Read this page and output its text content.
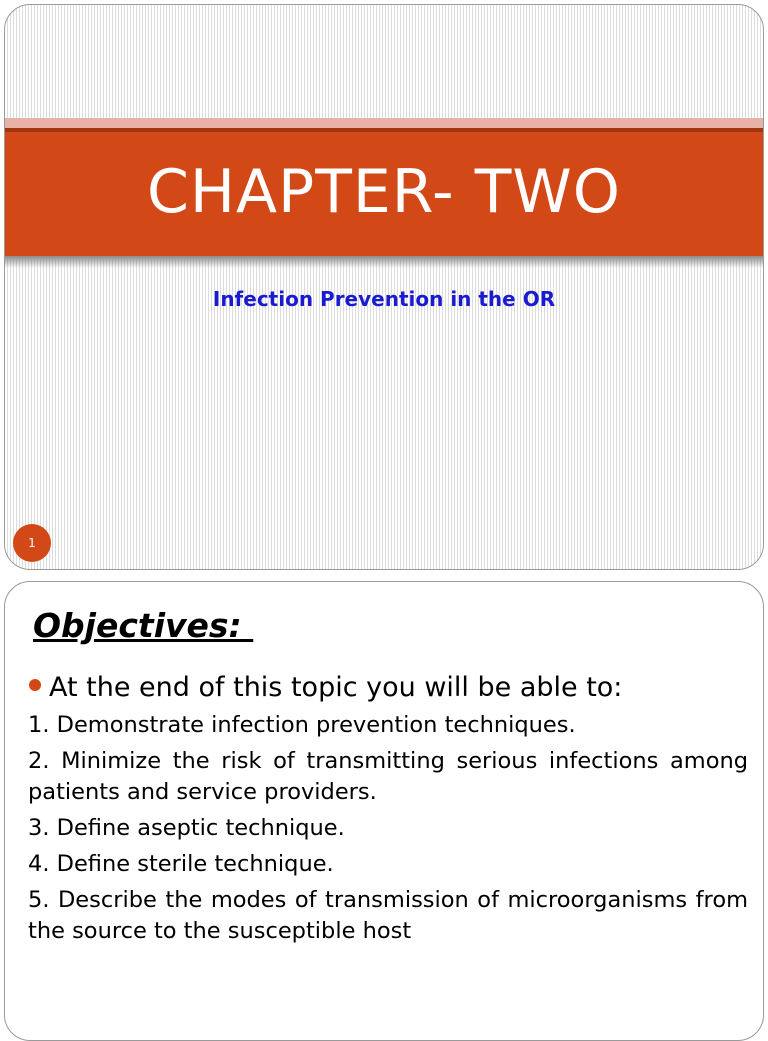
CHAPTER- TWO
Infection Prevention in the OR
1
Objectives:
At the end of this topic you will be able to:
1. Demonstrate infection prevention techniques.
2. Minimize the risk of transmitting serious infections among patients and service providers.
3. Define aseptic technique.
4. Define sterile technique.
5. Describe the modes of transmission of microorganisms from the source to the susceptible host
